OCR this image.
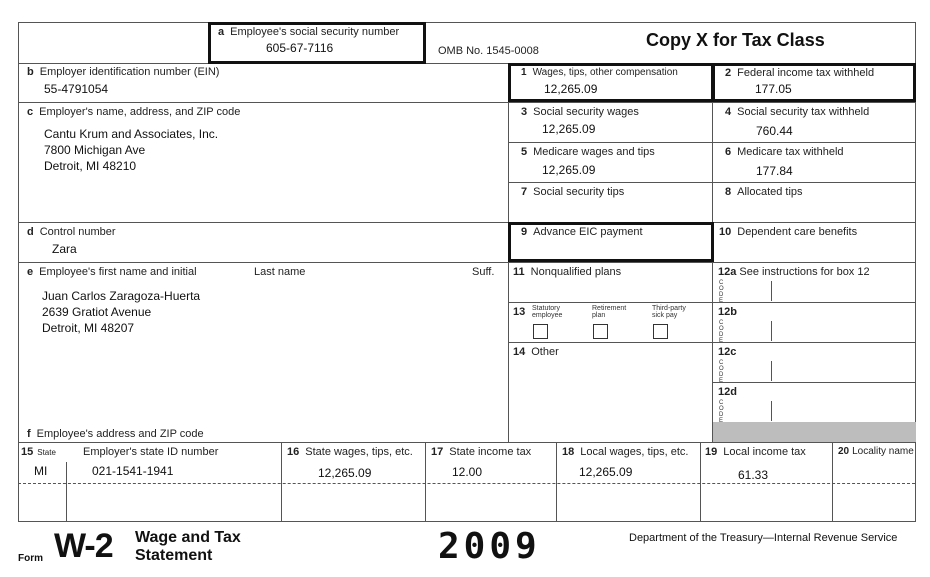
a Employee's social security number
605-67-7116	OMB No. 1545-0008
Copy X for Tax Class
b Employer identification number (EIN)
55-4791054
c Employer's name, address, and ZIP code
Cantu Krum and Associates, Inc.
7800 Michigan Ave
Detroit, MI 48210
d Control number
Zara
e Employee's first name and initial	Last name	Suff.
Juan Carlos Zaragoza-Huerta
2639 Gratiot Avenue
Detroit, MI 48207
f Employee's address and ZIP code
1 Wages, tips, other compensation
12,265.09
2 Federal income tax withheld
177.05
3 Social security wages
12,265.09
4 Social security tax withheld
760.44
5 Medicare wages and tips
12,265.09
6 Medicare tax withheld
177.84
7 Social security tips	8 Allocated tips
9 Advance EIC payment	10 Dependent care benefits
11 Nonqualified plans	12a See instructions for box 12
CODE
12b
CODE
12c
CODE
12d
CODE
13 Statutory employee
Retirement plan
Third-party sick pay
14 Other
15 State Employer's state ID number
MI	021-1541-1941
16 State wages, tips, etc.
12,265.09
17 State income tax
12.00
18 Local wages, tips, etc.
12,265.09
19 Local income tax
61.33
20 Locality name
Form W-2 Wage and Tax
Statement	2009	Department of the Treasury—Internal Revenue Service
